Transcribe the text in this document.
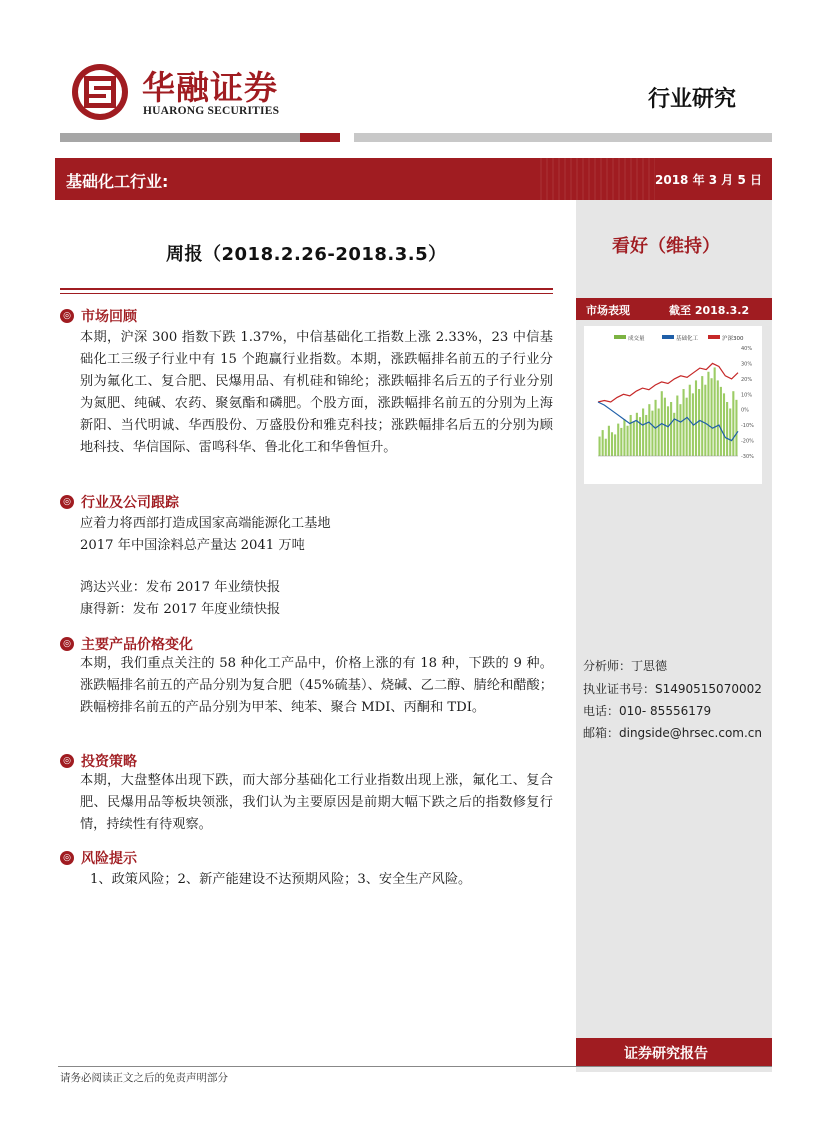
华融证券
HUARONG SECURITIES	行业研究
基础化工行业:	2018 年 3 月 5 日
周报（2018.2.26-2018.3.5）	看好（维持）
◎ 市场回顾
本期，沪深 300 指数下跌 1.37%，中信基础化工指数上涨 2.33%，23 中信基础化工三级子行业中有 15 个跑赢行业指数。本期，涨跌幅排名前五的子行业分别为氟化工、复合肥、民爆用品、有机硅和锦纶；涨跌幅排名后五的子行业分别为氮肥、纯碱、农药、聚氨酯和磷肥。个股方面，涨跌幅排名前五的分别为上海新阳、当代明诚、华西股份、万盛股份和雅克科技；涨跌幅排名后五的分别为顾地科技、华信国际、雷鸣科华、鲁北化工和华鲁恒升。
◎ 行业及公司跟踪
应着力将西部打造成国家高端能源化工基地
2017 年中国涂料总产量达 2041 万吨
鸿达兴业：发布 2017 年业绩快报
康得新：发布 2017 年度业绩快报
◎ 主要产品价格变化
本期，我们重点关注的 58 种化工产品中，价格上涨的有 18 种，下跌的 9 种。涨跌幅排名前五的产品分别为复合肥（45%硫基）、烧碱、乙二醇、腈纶和醋酸；跌幅榜排名前五的产品分别为甲苯、纯苯、聚合 MDI、丙酮和 TDI。
◎ 投资策略
本期，大盘整体出现下跌，而大部分基础化工行业指数出现上涨，氟化工、复合肥、民爆用品等板块领涨，我们认为主要原因是前期大幅下跌之后的指数修复行情，持续性有待观察。
◎ 风险提示
1、政策风险；2、新产能建设不达预期风险；3、安全生产风险。
市场表现	截至 2018.3.2
成交量	基础化工	沪深300
40%
30%
20%
10%
0%
-10%
-20%
-30%
分析师：丁思德
执业证书号：S1490515070002
电话：010- 85556179
邮箱：dingside@hrsec.com.cn
证券研究报告
请务必阅读正文之后的免责声明部分
